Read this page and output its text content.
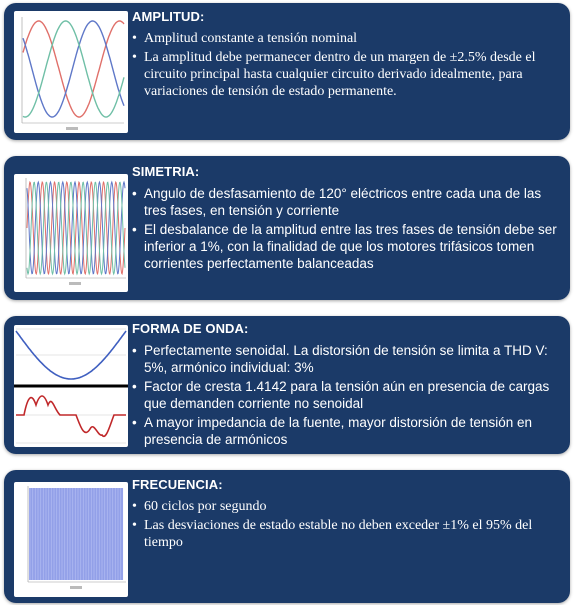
AMPLITUD:
• Amplitud constante a tensión nominal
• La amplitud debe permanecer dentro de un margen de ±2.5% desde el circuito principal hasta cualquier circuito derivado idealmente, para variaciones de tensión de estado permanente.
SIMETRIA:
• Angulo de desfasamiento de 120° eléctricos entre cada una de las tres fases, en tensión y corriente
• El desbalance de la amplitud entre las tres fases de tensión debe ser inferior a 1%, con la finalidad de que los motores trifásicos tomen corrientes perfectamente balanceadas
FORMA DE ONDA:
• Perfectamente senoidal. La distorsión de tensión se limita a THD V: 5%, armónico individual: 3%
• Factor de cresta 1.4142 para la tensión aún en presencia de cargas que demanden corriente no senoidal
• A mayor impedancia de la fuente, mayor distorsión de tensión en presencia de armónicos
FRECUENCIA:
• 60 ciclos por segundo
• Las desviaciones de estado estable no deben exceder ±1% el 95% del tiempo
